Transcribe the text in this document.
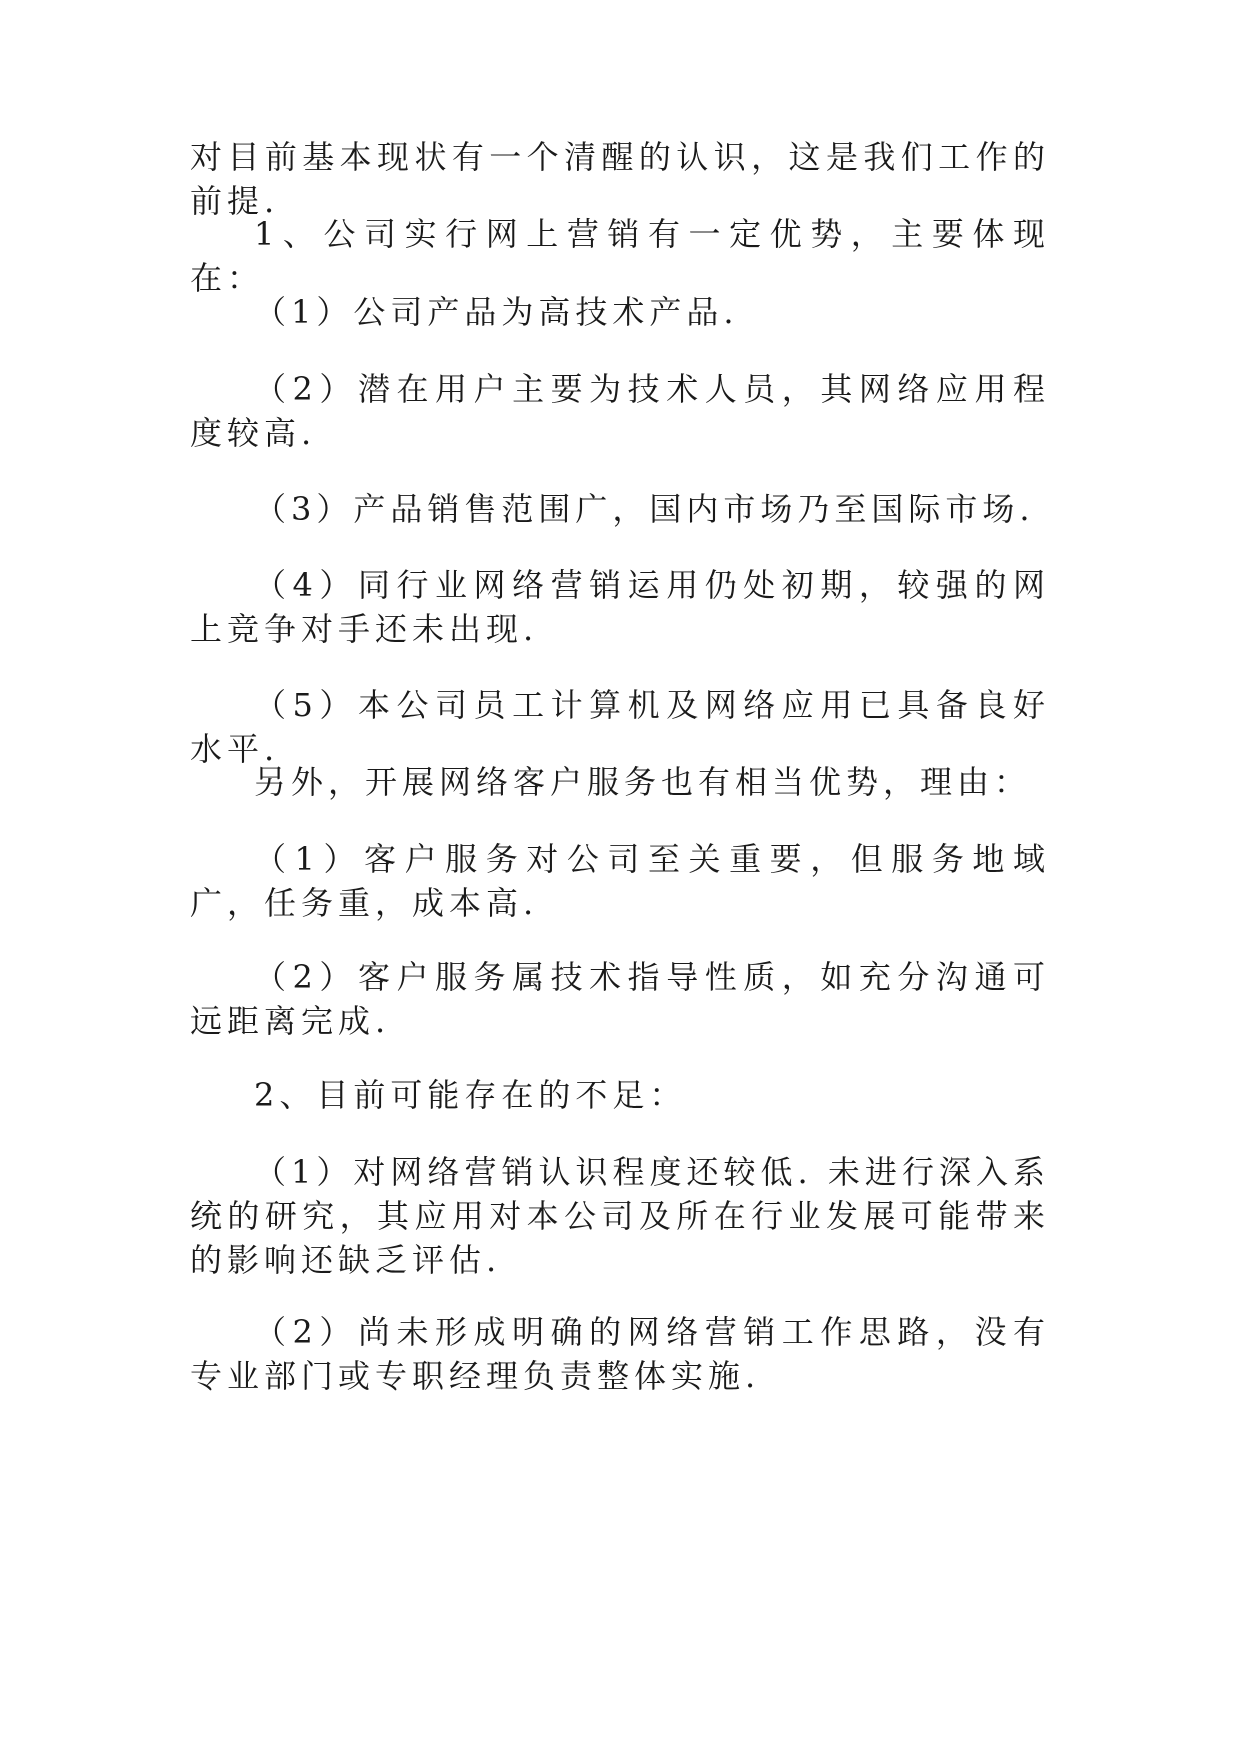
对目前基本现状有一个清醒的认识，这是我们工作的前提.

1、公司实行网上营销有一定优势，主要体现在：

（1）公司产品为高技术产品.

（2）潜在用户主要为技术人员，其网络应用程度较高.

（3）产品销售范围广，国内市场乃至国际市场.

（4）同行业网络营销运用仍处初期，较强的网上竞争对手还未出现.

（5）本公司员工计算机及网络应用已具备良好水平.

另外，开展网络客户服务也有相当优势，理由：

（1）客户服务对公司至关重要，但服务地域广，任务重，成本高.

（2）客户服务属技术指导性质，如充分沟通可远距离完成.

2、目前可能存在的不足：

（1）对网络营销认识程度还较低. 未进行深入系统的研究，其应用对本公司及所在行业发展可能带来的影响还缺乏评估.

（2）尚未形成明确的网络营销工作思路，没有专业部门或专职经理负责整体实施.
